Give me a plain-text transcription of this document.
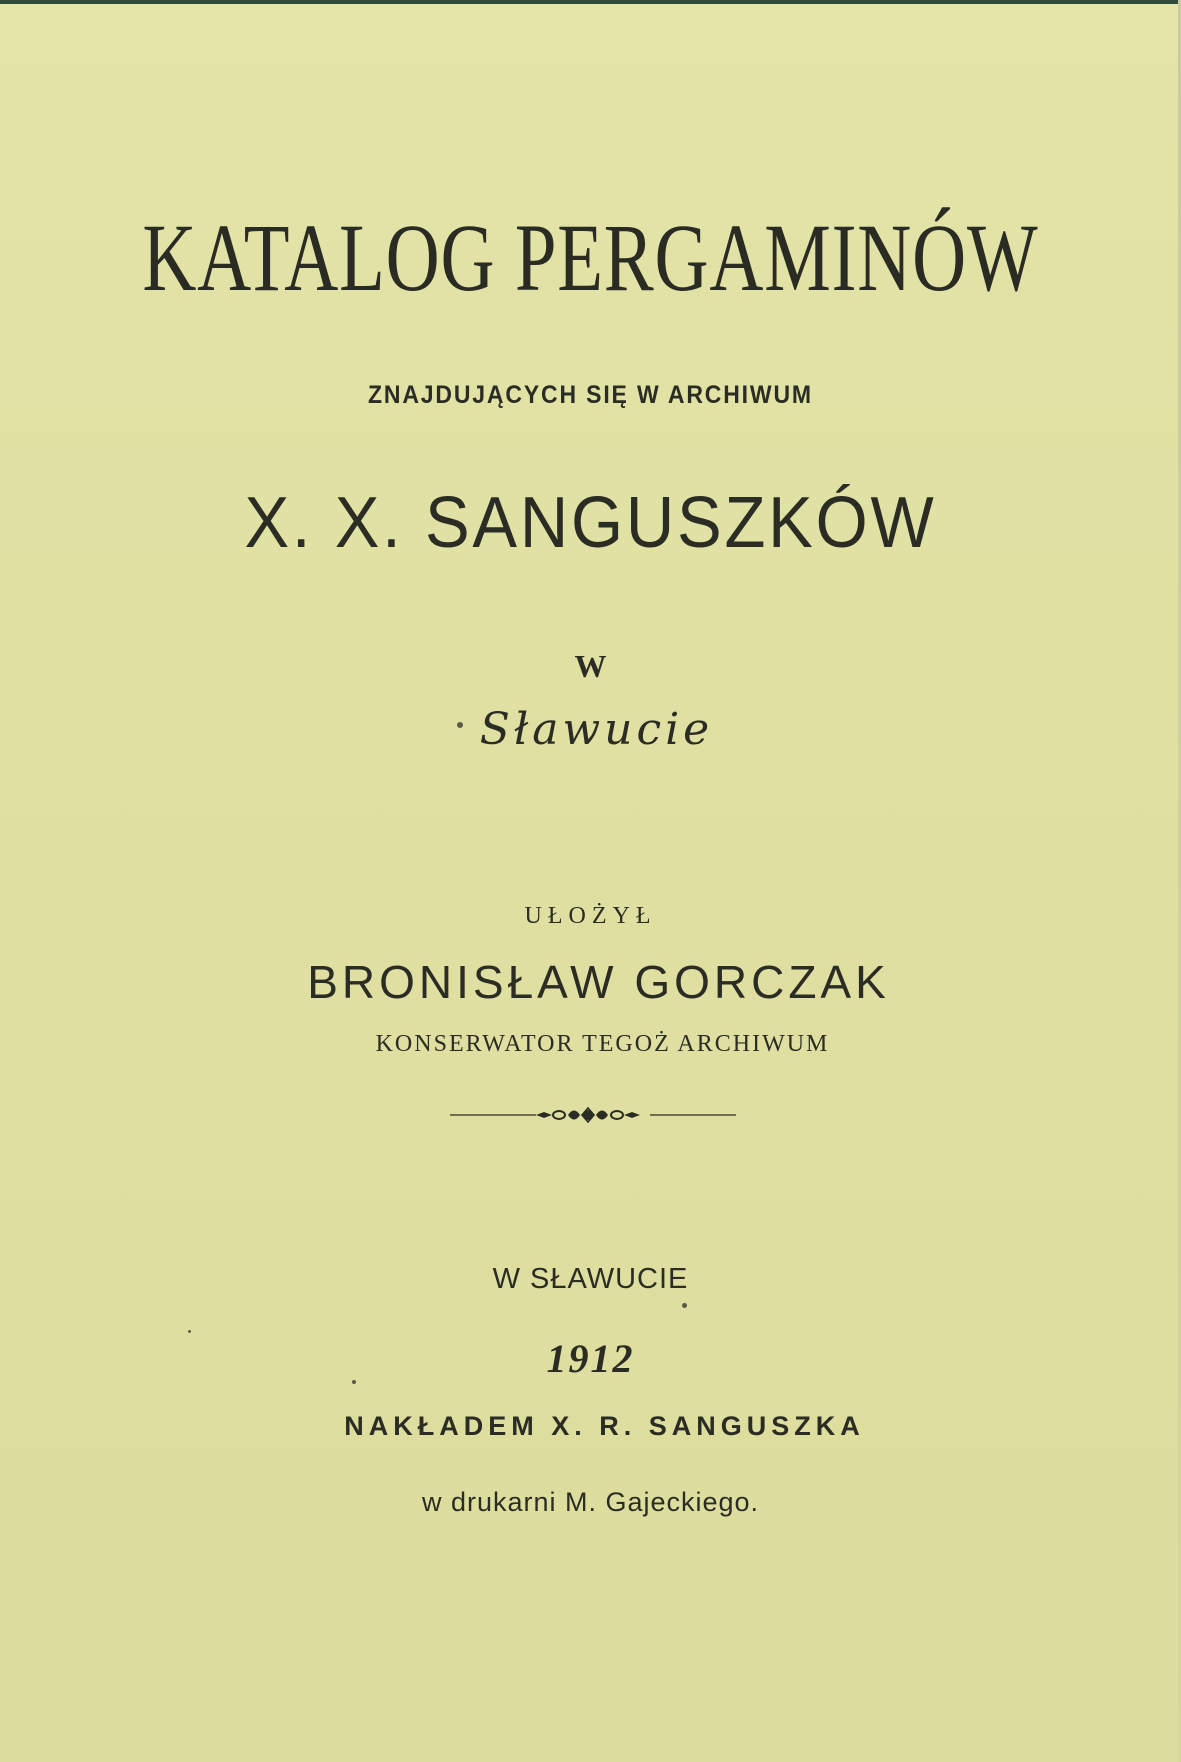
KATALOG PERGAMINÓW
ZNAJDUJĄCYCH SIĘ W ARCHIWUM
X. X. SANGUSZKÓW
W
Sławucie
UŁOŻYŁ
BRONISŁAW GORCZAK
KONSERWATOR TEGOŻ ARCHIWUM
W SŁAWUCIE
1912
NAKŁADEM X. R. SANGUSZKA
w drukarni M. Gajeckiego.
